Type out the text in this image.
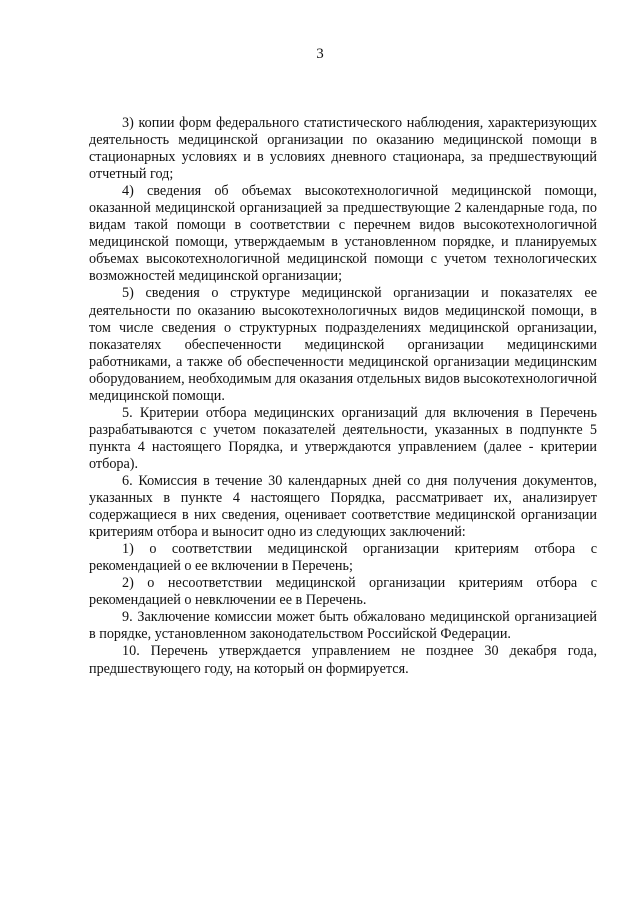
3

3) копии форм федерального статистического наблюдения, характеризующих деятельность медицинской организации по оказанию медицинской помощи в стационарных условиях и в условиях дневного стационара, за предшествующий отчетный год;

4) сведения об объемах высокотехнологичной медицинской помощи, оказанной медицинской организацией за предшествующие 2 календарные года, по видам такой помощи в соответствии с перечнем видов высокотехнологичной медицинской помощи, утверждаемым в установленном порядке, и планируемых объемах высокотехнологичной медицинской помощи с учетом технологических возможностей медицинской организации;

5) сведения о структуре медицинской организации и показателях ее деятельности по оказанию высокотехнологичных видов медицинской помощи, в том числе сведения о структурных подразделениях медицинской организации, показателях обеспеченности медицинской организации медицинскими работниками, а также об обеспеченности медицинской организации медицинским оборудованием, необходимым для оказания отдельных видов высокотехнологичной медицинской помощи.

5. Критерии отбора медицинских организаций для включения в Перечень разрабатываются с учетом показателей деятельности, указанных в подпункте 5 пункта 4 настоящего Порядка, и утверждаются управлением (далее - критерии отбора).

6. Комиссия в течение 30 календарных дней со дня получения документов, указанных в пункте 4 настоящего Порядка, рассматривает их, анализирует содержащиеся в них сведения, оценивает соответствие медицинской организации критериям отбора и выносит одно из следующих заключений:

1) о соответствии медицинской организации критериям отбора с рекомендацией о ее включении в Перечень;

2) о несоответствии медицинской организации критериям отбора с рекомендацией о невключении ее в Перечень.

9. Заключение комиссии может быть обжаловано медицинской организацией в порядке, установленном законодательством Российской Федерации.

10. Перечень утверждается управлением не позднее 30 декабря года, предшествующего году, на который он формируется.
